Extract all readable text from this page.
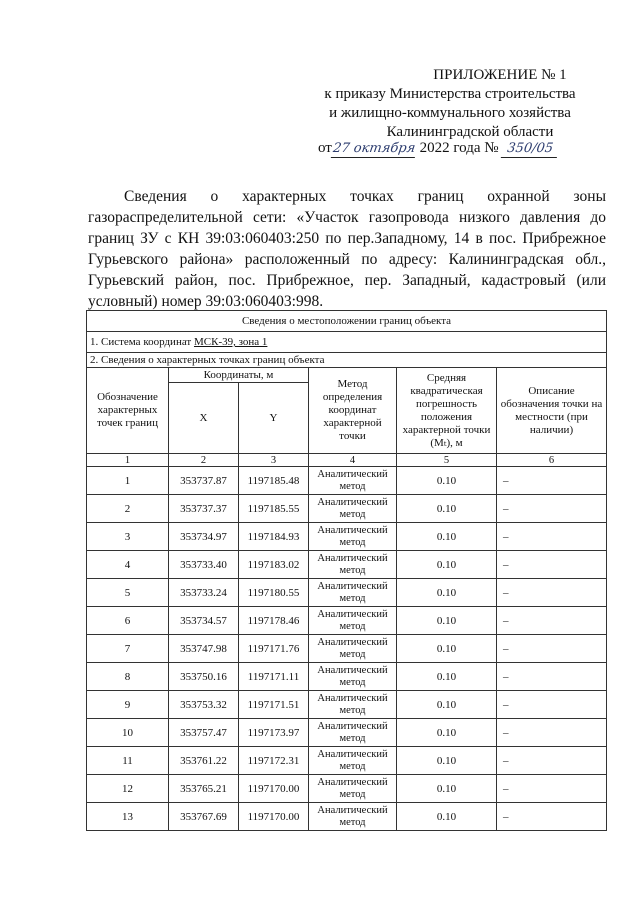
ПРИЛОЖЕНИЕ № 1
к приказу Министерства строительства
и жилищно-коммунального хозяйства
Калининградской области
от27 октября 2022 года № 350/05

Сведения о характерных точках границ охранной зоны газораспределительной сети: «Участок газопровода низкого давления до границ ЗУ с КН 39:03:060403:250 по пер.Западному, 14 в пос. Прибрежное Гурьевского района» расположенный по адресу: Калининградская обл., Гурьевский район, пос. Прибрежное, пер. Западный, кадастровый (или условный) номер 39:03:060403:998.

Сведения о местоположении границ объекта					
1. Система координат МСК-39, зона 1					
2. Сведения о характерных точках границ объекта					
Обозначение характерных точек границ	Координаты, м		Метод определения координат характерной точки	Средняя квадратическая погрешность положения характерной точки (Mₜ), м	Описание обозначения точки на местности (при наличии)
	X	Y			
1	2	3	4	5	6
1	353737.87	1197185.48	Аналитический метод	0.10	–
2	353737.37	1197185.55	Аналитический метод	0.10	–
3	353734.97	1197184.93	Аналитический метод	0.10	–
4	353733.40	1197183.02	Аналитический метод	0.10	–
5	353733.24	1197180.55	Аналитический метод	0.10	–
6	353734.57	1197178.46	Аналитический метод	0.10	–
7	353747.98	1197171.76	Аналитический метод	0.10	–
8	353750.16	1197171.11	Аналитический метод	0.10	–
9	353753.32	1197171.51	Аналитический метод	0.10	–
10	353757.47	1197173.97	Аналитический метод	0.10	–
11	353761.22	1197172.31	Аналитический метод	0.10	–
12	353765.21	1197170.00	Аналитический метод	0.10	–
13	353767.69	1197170.00	Аналитический метод	0.10	–
